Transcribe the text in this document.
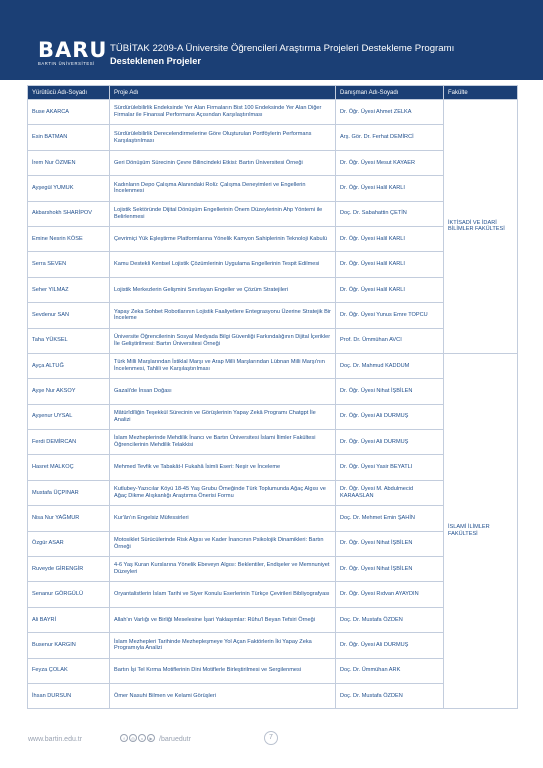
BARU
BARTIN ÜNİVERSİTESİ
TÜBİTAK 2209-A Üniversite Öğrencileri Araştırma Projeleri Destekleme Programı
Desteklenen Projeler
Yürütücü Adı-Soyadı	Proje Adı	Danışman Adı-Soyadı	Fakülte
Buse AKARCA	Sürdürülebilirlik Endeksinde Yer Alan Firmaların Bist 100 Endeksinde Yer Alan Diğer Firmalar ile Finansal Performans Açısından Karşılaştırılması	Dr. Öğr. Üyesi Ahmet ZELKA	İKTİSADİ VE İDARİ BİLİMLER FAKÜLTESİ
Esin BATMAN	Sürdürülebilirlik Derecelendirmelerine Göre Oluşturulan Portföylerin Performans Karşılaştırılması	Arş. Gör. Dr. Ferhat DEMİRCİ	
İrem Nur ÖZMEN	Geri Dönüşüm Sürecinin Çevre Bilincindeki Etkisi: Bartın Üniversitesi Örneği	Dr. Öğr. Üyesi Mesut KAYAER	
Ayşegül YUMUK	Kadınların Depo Çalışma Alanındaki Rolü: Çalışma Deneyimleri ve Engellerin İncelenmesi	Dr. Öğr. Üyesi Halil KARLI	
Akbarshokh SHARİPOV	Lojistik Sektöründe Dijital Dönüşüm Engellerinin Önem Düzeylerinin Ahp Yöntemi ile Belirlenmesi	Doç. Dr. Sabahattin ÇETİN	
Emine Nesrin KÖSE	Çevrimiçi Yük Eşleştirme Platformlarına Yönelik Kamyon Sahiplerinin Teknoloji Kabulü	Dr. Öğr. Üyesi Halil KARLI	
Serra SEVEN	Kamu Destekli Kentsel Lojistik Çözümlerinin Uygulama Engellerinin Tespit Edilmesi	Dr. Öğr. Üyesi Halil KARLI	
Seher YILMAZ	Lojistik Merkezlerin Gelişmini Sınırlayan Engeller ve Çözüm Stratejileri	Dr. Öğr. Üyesi Halil KARLI	
Sevdenur SAN	Yapay Zeka Sohbet Robotlarının Lojistik Faaliyetlere Entegrasyonu Üzerine Stratejik Bir İnceleme	Dr. Öğr. Üyesi Yunus Emre TOPCU	
Taha YÜKSEL	Üniversite Öğrencilerinin Sosyal Medyada Bilgi Güvenliği Farkındalığının Dijital İçerikler İle Geliştirilmesi: Bartın Üniversitesi Örneği	Prof. Dr. Ümmühan AVCI	
Ayça ALTUĞ	Türk Milli Marşlarından İstiklal Marşı ve Arap Milli Marşlarından Lübnan Milli Marşı'nın İncelenmesi, Tahlili ve Karşılaştırılması	Doç. Dr. Mahmud KADDUM	İSLAMİ İLİMLER FAKÜLTESİ
Ayşe Nur AKSOY	Gazali'de İnsan Doğası	Dr. Öğr. Üyesi Nihat İŞBİLEN	
Ayşenur UYSAL	Mâtürîdîliğin Teşekkül Sürecinin ve Görüşlerinin Yapay Zekâ Programı Chatgpt İle Analizi	Dr. Öğr. Üyesi Ali DURMUŞ	
Ferdi DEMİRCAN	İslam Mezheplerinde Mehdilik İnancı ve Bartın Üniversitesi İslami İlimler Fakültesi Öğrencilerinin Mehdilik Telakkisi	Dr. Öğr. Üyesi Ali DURMUŞ	
Hasret MALKOÇ	Mehmed Tevfik ve Tabakât-I Fukahâ İsimli Eseri: Neşir ve İnceleme	Dr. Öğr. Üyesi Yasir BEYATLI	
Mustafa ÜÇPINAR	Kutlubey-Yazıcılar Köyü 18-45 Yaş Grubu Örneğinde Türk Toplumunda Ağaç Algısı ve Ağaç Dikme Alışkanlığı Araştırma Önerisi Formu	Dr. Öğr. Üyesi M. Abdulmecid KARAASLAN	
Nisa Nur YAĞMUR	Kur'ân'ın Engelsiz Müfessirleri	Doç. Dr. Mehmet Emin ŞAHİN	
Özgür ASAR	Motosiklet Sürücülerinde Risk Algısı ve Kader İnancının Psikolojik Dinamikleri: Bartın Örneği	Dr. Öğr. Üyesi Nihat İŞBİLEN	
Ruveyde GİRENGİR	4-6 Yaş Kuran Kurslarına Yönelik Ebeveyn Algısı: Beklentiler, Endişeler ve Memnuniyet Düzeyleri	Dr. Öğr. Üyesi Nihat İŞBİLEN	
Senanur GÖRGÜLÜ	Oryantalistlerin İslam Tarihi ve Siyer Konulu Eserlerinin Türkçe Çevirileri Bibliyografyası	Dr. Öğr. Üyesi Rıdvan AYAYDIN	
Ali BAYRİ	Allah'ın Varlığı ve Birliği Meselesine İşari Yaklaşımlar: Rûhu'l Beyan Tefsiri Örneği	Doç. Dr. Mustafa ÖZDEN	
Busenur KARGIN	İslam Mezhepleri Tarihinde Mezhepleşmeye Yol Açan Faktörlerin İki Yapay Zeka Programıyla Analizi	Dr. Öğr. Üyesi Ali DURMUŞ	
Feyza ÇOLAK	Bartın İşi Tel Kırma Motiflerinin Dini Motiflerle Birleştirilmesi ve Sergilenmesi	Doç. Dr. Ümmühan ARK	
İhsan DURSUN	Ömer Nasuhi Bilmen ve Kelami Görüşleri	Doç. Dr. Mustafa ÖZDEN	
www.bartin.edu.tr	f	◎	x	▶ /baruedutr	7
